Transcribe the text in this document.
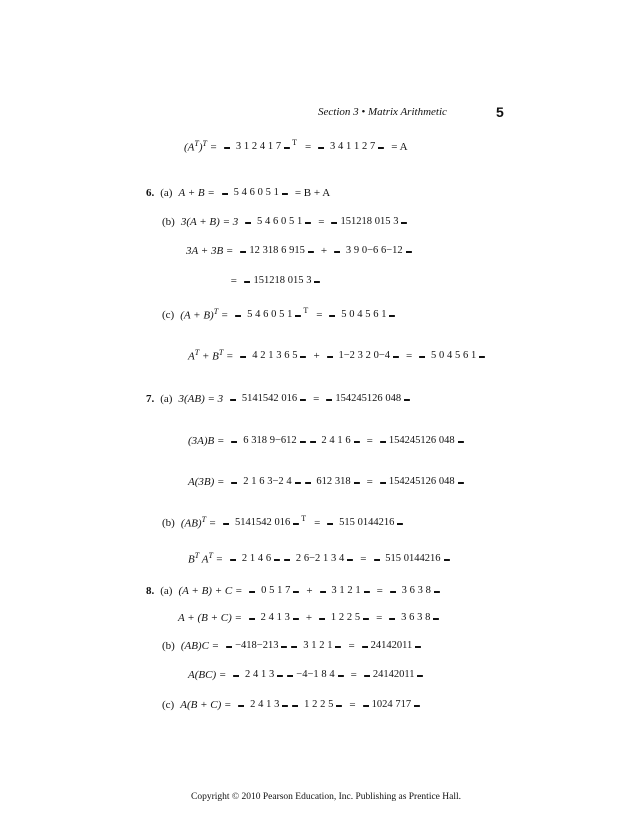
Section 3 • Matrix Arithmetic	5
$(A^T)^T$ =	3 1 2 4 1 7	$^T$ =	3 4 1 1 2 7	= A
6. (a) A + B =	5 4 6 0 5 1	= B + A
(b) 3(A + B) = 3	5 4 6 0 5 1	=	151218 015 3
3A + 3B =	12 318 6 915	+	3 9 0−6 6−12
=	151218 015 3
(c) $(A + B)^T$ =	5 4 6 0 5 1	$^T$ =	5 0 4 5 6 1
$A^T + B^T$ =	4 2 1 3 6 5	+	1−2 3 2 0−4	=	5 0 4 5 6 1
7. (a) 3(AB) = 3	5141542 016	=	154245126 048
(3A)B =	6 318 9−612	2 4 1 6	=	154245126 048
A(3B) =	2 1 6 3−2 4	612 318	=	154245126 048
(b) (AB)$^T$ =	5141542 016	$^T$ =	515 0144216
$B^T$ $A^T$ =	2 1 4 6	2 6−2 1 3 4	=	515 0144216
8. (a) (A + B) + C =	0 5 1 7	+	3 1 2 1	=	3 6 3 8
A + (B + C) =	2 4 1 3	+	1 2 2 5	=	3 6 3 8
(b) (AB)C =	−418−213	3 1 2 1	=	24142011
A(BC) =	2 4 1 3	−4−1 8 4	=	24142011
(c) A(B + C) =	2 4 1 3	1 2 2 5	=	1024 717
Copyright © 2010 Pearson Education, Inc. Publishing as Prentice Hall.
